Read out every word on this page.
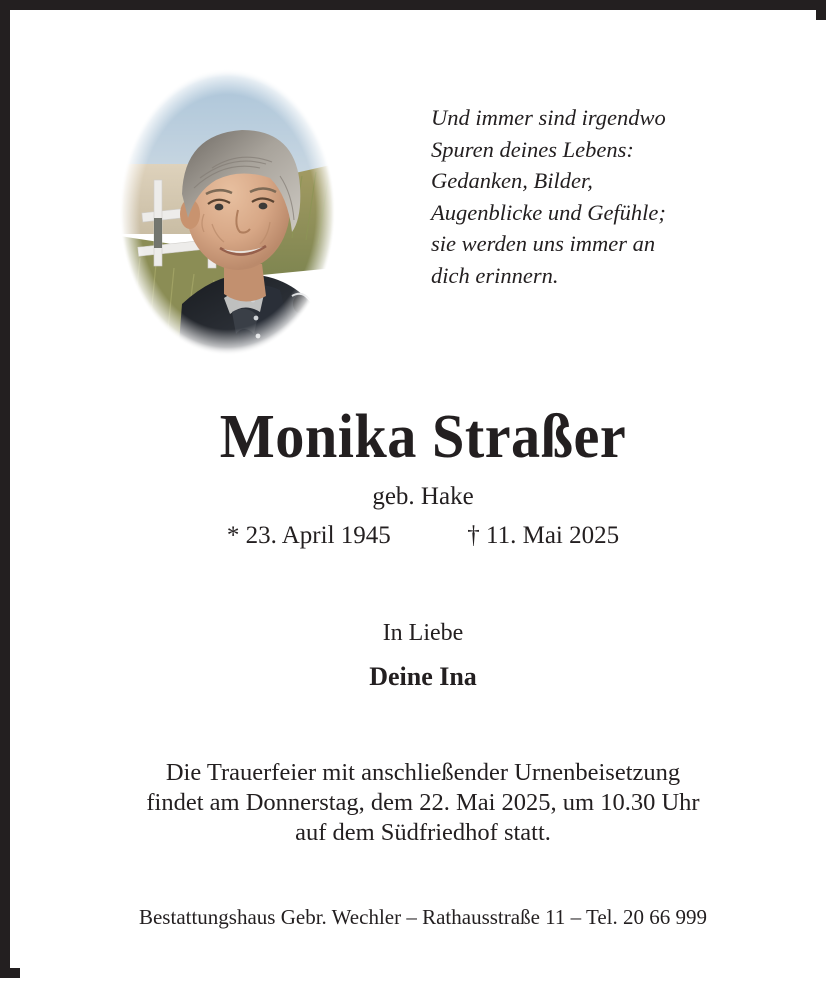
Und immer sind irgendwo
Spuren deines Lebens:
Gedanken, Bilder,
Augenblicke und Gefühle;
sie werden uns immer an
dich erinnern.
Monika Straßer
geb. Hake
* 23. April 1945	† 11. Mai 2025
In Liebe
Deine Ina
Die Trauerfeier mit anschließender Urnenbeisetzung
findet am Donnerstag, dem 22. Mai 2025, um 10.30 Uhr
auf dem Südfriedhof statt.
Bestattungshaus Gebr. Wechler – Rathausstraße 11 – Tel. 20 66 999
